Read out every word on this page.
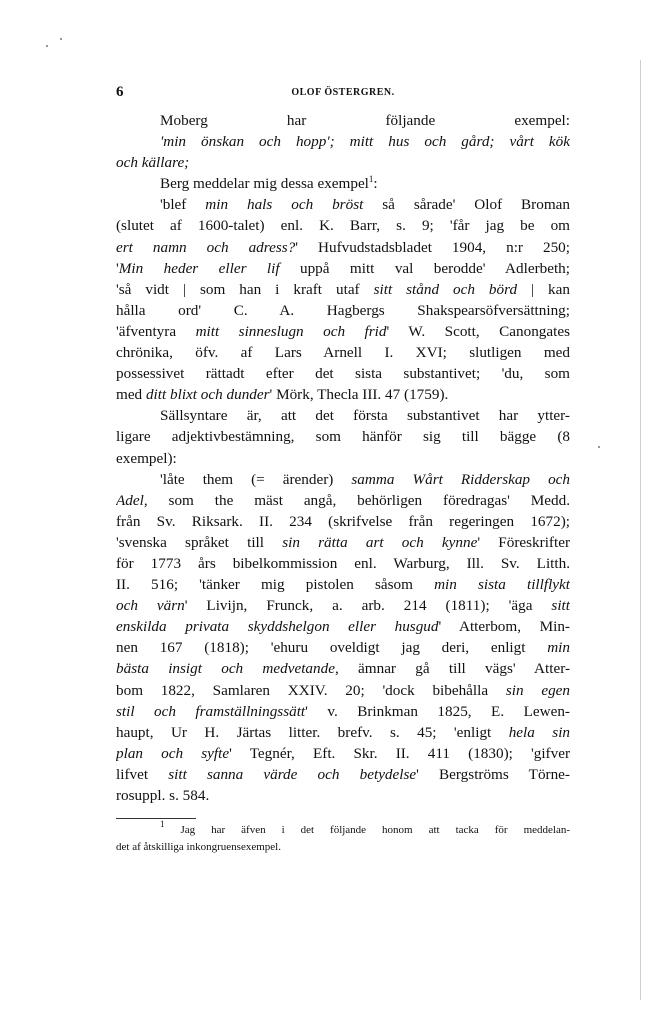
6	OLOF ÖSTERGREN.
Moberg har följande exempel:
'min önskan och hopp'; mitt hus och gård; vårt kök
och källare;
Berg meddelar mig dessa exempel$^1$:
'blef min hals och bröst så sårade' Olof Broman
(slutet af 1600-talet) enl. K. Barr, s. 9; 'får jag be om
ert namn och adress?' Hufvudstadsbladet 1904, n:r 250;
'Min heder eller lif uppå mitt val berodde' Adlerbeth;
'så vidt | som han i kraft utaf sitt stånd och börd | kan
hålla ord' C. A. Hagbergs Shakspearsöfversättning;
'äfventyra mitt sinneslugn och frid' W. Scott, Canongates
chrönika, öfv. af Lars Arnell I. XVI; slutligen med
possessivet rättadt efter det sista substantivet; 'du, som
med ditt blixt och dunder' Mörk, Thecla III. 47 (1759).
Sällsyntare är, att det första substantivet har ytter-
ligare adjektivbestämning, som hänför sig till bägge (8
exempel):
'låte them (= ärender) samma Wårt Ridderskap och
Adel, som the mäst angå, behörligen föredragas' Medd.
från Sv. Riksark. II. 234 (skrifvelse från regeringen 1672);
'svenska språket till sin rätta art och kynne' Föreskrifter
för 1773 års bibelkommission enl. Warburg, Ill. Sv. Litth.
II. 516; 'tänker mig pistolen såsom min sista tillflykt
och värn' Livijn, Frunck, a. arb. 214 (1811); 'äga sitt
enskilda privata skyddshelgon eller husgud' Atterbom, Min-
nen 167 (1818); 'ehuru oveldigt jag deri, enligt min
bästa insigt och medvetande, ämnar gå till vägs' Atter-
bom 1822, Samlaren XXIV. 20; 'dock bibehålla sin egen
stil och framställningssätt' v. Brinkman 1825, E. Lewen-
haupt, Ur H. Järtas litter. brefv. s. 45; 'enligt hela sin
plan och syfte' Tegnér, Eft. Skr. II. 411 (1830); 'gifver
lifvet sitt sanna värde och betydelse' Bergströms Törne-
rosuppl. s. 584.
$^1$ Jag har äfven i det följande honom att tacka för meddelan-
det af åtskilliga inkongruensexempel.
